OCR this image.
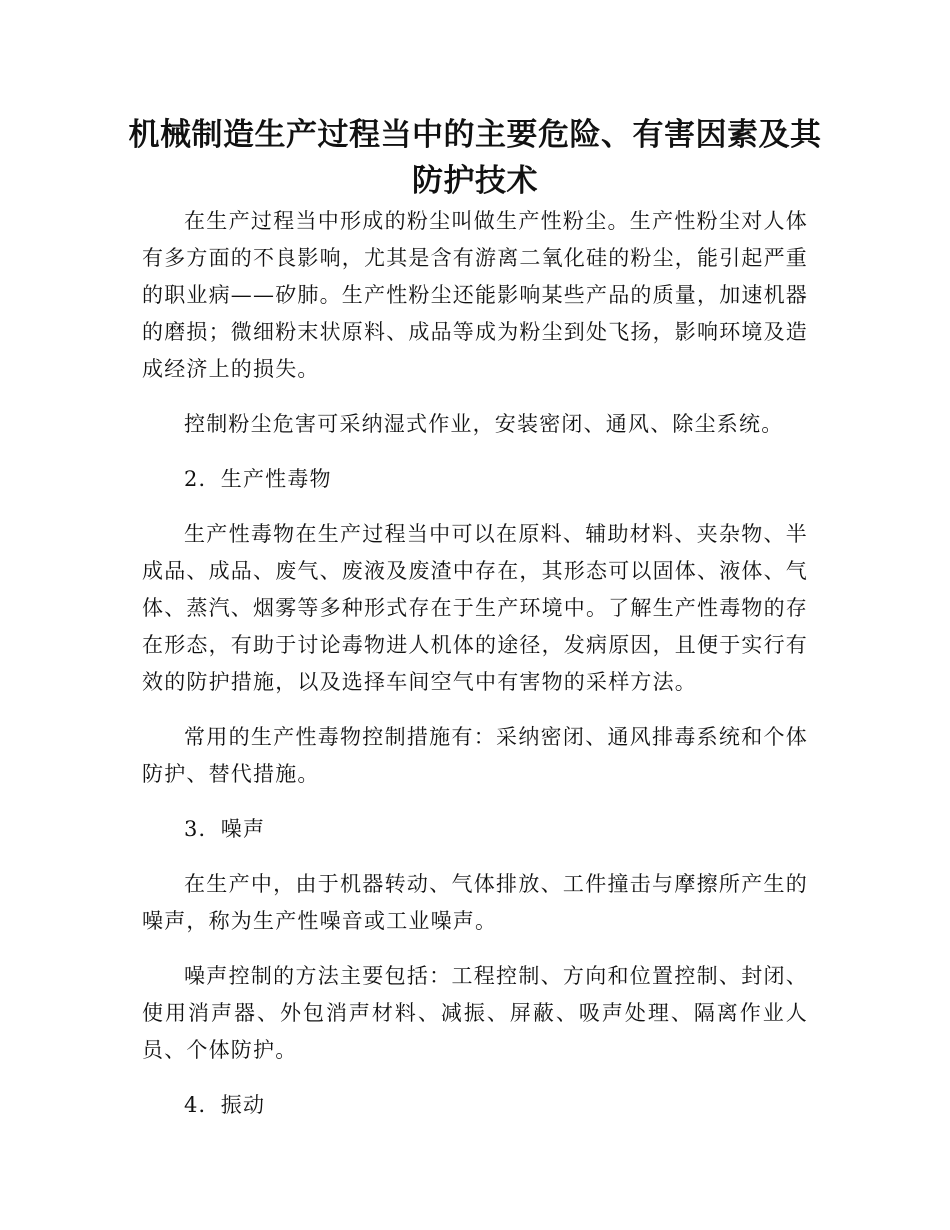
机械制造生产过程当中的主要危险、有害因素及其防护技术

在生产过程当中形成的粉尘叫做生产性粉尘。生产性粉尘对人体有多方面的不良影响，尤其是含有游离二氧化硅的粉尘，能引起严重的职业病——矽肺。生产性粉尘还能影响某些产品的质量，加速机器的磨损；微细粉末状原料、成品等成为粉尘到处飞扬，影响环境及造成经济上的损失。

控制粉尘危害可采纳湿式作业，安装密闭、通风、除尘系统。

2．生产性毒物

生产性毒物在生产过程当中可以在原料、辅助材料、夹杂物、半成品、成品、废气、废液及废渣中存在，其形态可以固体、液体、气体、蒸汽、烟雾等多种形式存在于生产环境中。了解生产性毒物的存在形态，有助于讨论毒物进人机体的途径，发病原因，且便于实行有效的防护措施，以及选择车间空气中有害物的采样方法。

常用的生产性毒物控制措施有：采纳密闭、通风排毒系统和个体防护、替代措施。

3．噪声

在生产中，由于机器转动、气体排放、工件撞击与摩擦所产生的噪声，称为生产性噪音或工业噪声。

噪声控制的方法主要包括：工程控制、方向和位置控制、封闭、使用消声器、外包消声材料、减振、屏蔽、吸声处理、隔离作业人员、个体防护。

4．振动
